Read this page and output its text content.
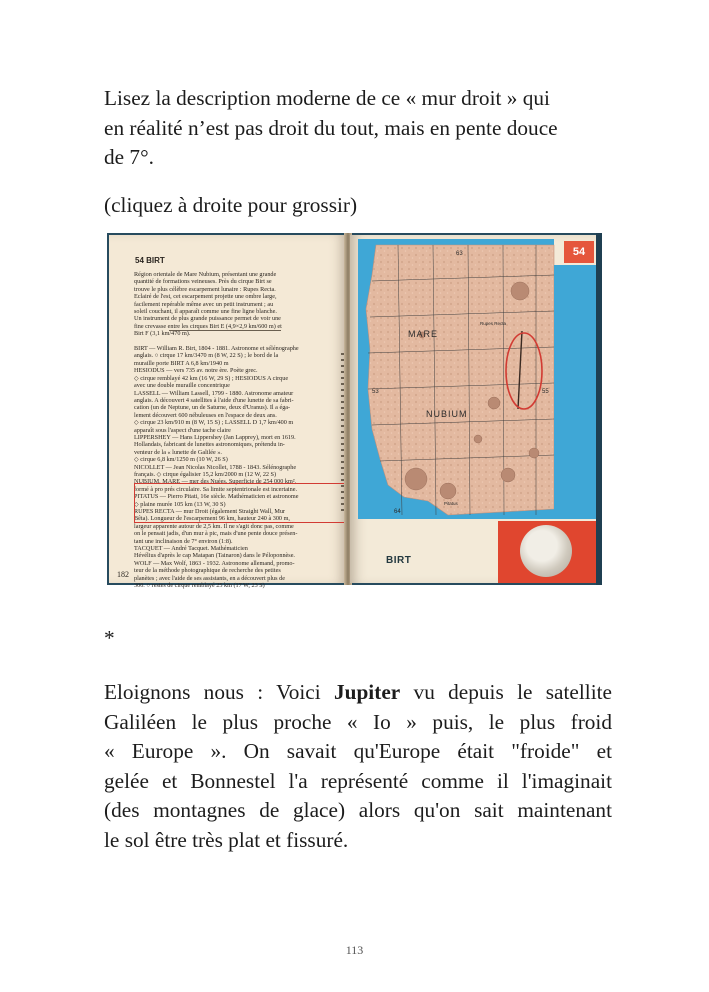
Lisez la description moderne de ce « mur droit » qui
en réalité n’est pas droit du tout, mais en pente douce
de 7°.

(cliquez à droite pour grossir)

54 BIRT
Région orientale de Mare Nubium, présentant une grande
quantité de formations veineuses. Près du cirque Birt se
trouve le plus célèbre escarpement lunaire : Rupes Recta.
Eclairé de l'est, cet escarpement projette une ombre large,
facilement repérable même avec un petit instrument ; au
soleil couchant, il apparaît comme une fine ligne blanche.
Un instrument de plus grande puissance permet de voir une
fine crevasse entre les cirques Birt E (4,9×2,9 km/600 m) et
Birt F (3,1 km/470 m).

BIRT — William R. Birt, 1804 - 1881. Astronome et sélénographe
anglais. ○ cirque 17 km/3470 m (8 W, 22 S) ; le bord de la
muraille porte BIRT A 6,8 km/1940 m
HESIODUS — vers 735 av. notre ère. Poète grec.
◇ cirque remblayé 42 km (16 W, 29 S) ; HESIODUS A cirque
avec une double muraille concentrique
LASSELL — William Lassell, 1799 - 1880. Astronome amateur
anglais. A découvert 4 satellites à l'aide d'une lunette de sa fabri-
cation (un de Neptune, un de Saturne, deux d'Uranus). Il a éga-
lement découvert 600 nébuleuses en l'espace de deux ans.
◇ cirque 23 km/910 m (8 W, 15 S) ; LASSELL D 1,7 km/400 m
apparaît sous l'aspect d'une tache claire
LIPPERSHEY — Hans Lippershey (Jan Lapprey), mort en 1619.
Hollandais, fabricant de lunettes astronomiques, prétendu in-
venteur de la « lunette de Galilée ».
◇ cirque 6,8 km/1250 m (10 W, 26 S)
NICOLLET — Jean Nicolas Nicollet, 1788 - 1843. Sélénographe
français. ◇ cirque égalisier 15,2 km/2000 m (12 W, 22 S)
NUBIUM, MARE — mer des Nuées. Superficie de 254 000 km²,
formé à pro prés circulaire. Sa limite septentrionale est incertaine.
PITATUS — Pierro Pitati, 16e siècle. Mathématicien et astronome
◇ plaine murée 105 km (13 W, 30 S)
RUPES RECTA — mur Droit (également Straight Wall, Mur
Bêta). Longueur de l'escarpement 96 km, hauteur 240 à 300 m,
largeur apparente autour de 2,5 km. Il ne s'agit donc pas, comme
on le pensait jadis, d'un mur à pic, mais d'une pente douce présen-
tant une inclinaison de 7° environ (1:8).
TACQUET — André Tacquet. Mathématicien
Hévélius d'après le cap Matapan (Tainaron) dans le Péloponnèse.
WOLF — Max Wolf, 1863 - 1932. Astronome allemand, promo-
teur de la méthode photographique de recherche des petites
planètes ; avec l'aide de ses assistants, en a découvert plus de
300. ○ restes de cirque remblayé 25 km (17 W, 23 S)
182
MARE
NUBIUM
Rupes Recta
53	55
63
64
Pitatus
54
BIRT
*

Eloignons nous : Voici Jupiter vu depuis le satellite
Galiléen le plus proche « Io » puis, le plus froid
« Europe ». On savait qu'Europe était "froide" et
gelée et Bonnestel l'a représenté comme il l'imaginait
(des montagnes de glace) alors qu'on sait maintenant
le sol être très plat et fissuré.

113
